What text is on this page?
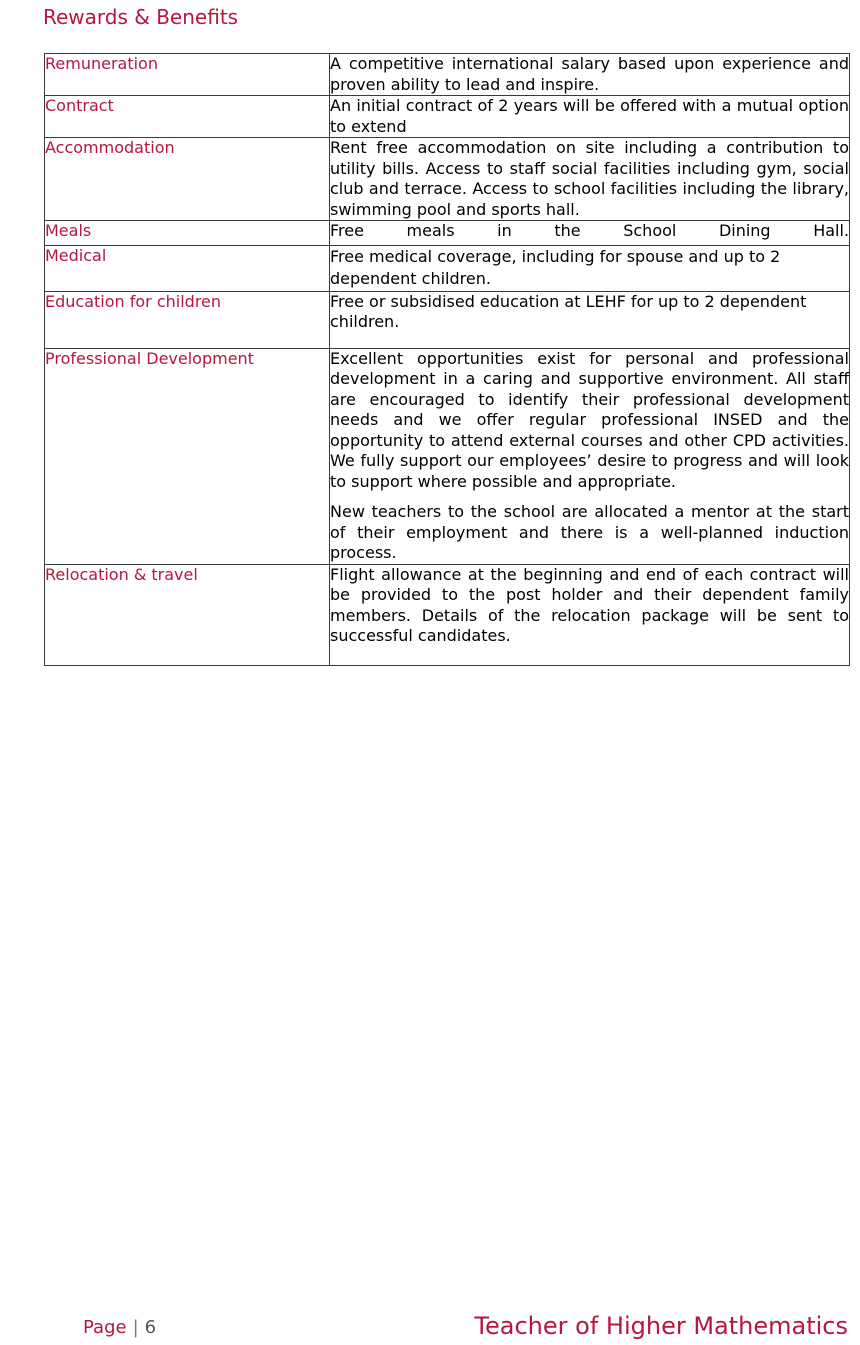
Rewards & Benefits
Remuneration	A competitive international salary based upon experience and proven ability to lead and inspire.

Contract	An initial contract of 2 years will be offered with a mutual option to extend

Accommodation	Rent free accommodation on site including a contribution to utility bills. Access to staff social facilities including gym, social club and terrace. Access to school facilities including the library, swimming pool and sports hall.

Meals	Free meals in the School Dining Hall.

Medical	Free medical coverage, including for spouse and up to 2 dependent children.

Education for children	Free or subsidised education at LEHF for up to 2 dependent children.

Professional Development	Excellent opportunities exist for personal and professional development in a caring and supportive environment. All staff are encouraged to identify their professional development needs and we offer regular professional INSED and the opportunity to attend external courses and other CPD activities. We fully support our employees’ desire to progress and will look to support where possible and appropriate.

New teachers to the school are allocated a mentor at the start of their employment and there is a well-planned induction process.

Relocation & travel	Flight allowance at the beginning and end of each contract will be provided to the post holder and their dependent family members. Details of the relocation package will be sent to successful candidates.

Page | 6	Teacher of Higher Mathematics
